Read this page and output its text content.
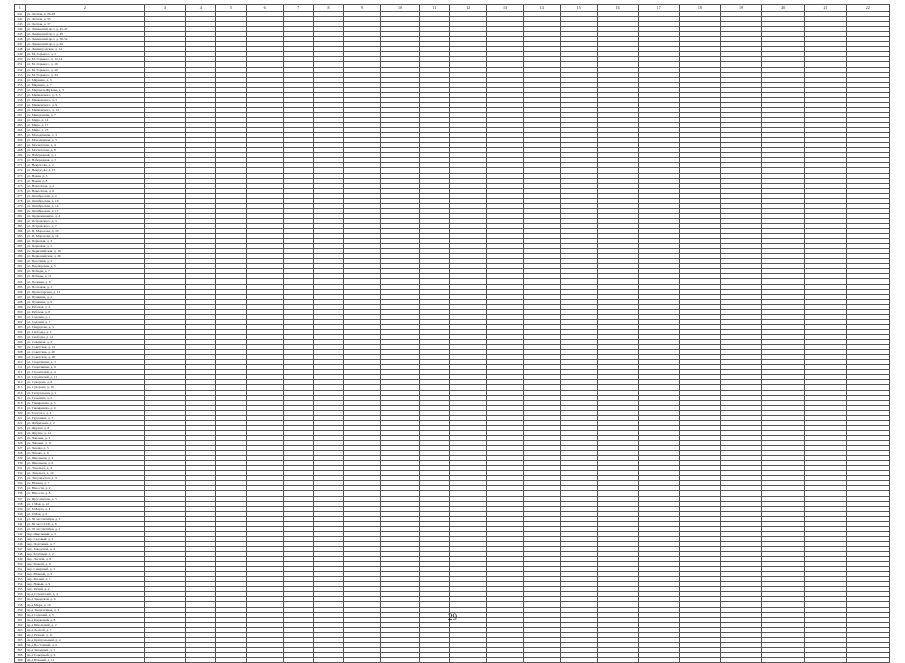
1	2	3	4	5	6	7	8	9	10	11	12	13	14	15	16	17	18	19	20	21	22
241	ул. Лесная, д. 26-28																				
242	ул. Лесная, д. 35																				
243	ул. Лесная, д. 37																				
244	ул. Ленинский пр-т, д. 45-47																				
245	ул. Ленинский пр-т, д. 49																				
246	ул. Ленинский пр-т, д. 50-52																				
247	ул. Ленинский пр-т, д. 64																				
248	ул. Ленинградская, д. 14																				
249	ул. М. Горького, д. 2																				
250	ул. М. Горького, д. 12-14																				
251	ул. М. Горького, д. 16																				
252	ул. М. Горького, д. 20																				
253	ул. М. Горького, д. 34																				
254	ул. Маркина, д. 5																				
255	ул. Маркина, д. 7																				
256	ул. Маршала Жукова, д. 3																				
257	ул. Маяковского, д. 3, 5																				
258	ул. Маяковского, д. 5																				
259	ул. Маяковского, д. 9																				
260	ул. Маяковского, д. 13																				
261	ул. Менделеева, д. 7																				
262	ул. Мира, д. 14																				
263	ул. Мира, д. 17																				
264	ул. Мира, д. 23																				
265	ул. Молодёжная, д. 3																				
266	ул. Молодёжная, д. 5																				
267	ул. Московская, д. 4																				
268	ул. Московская, д. 8																				
269	ул. Набережная, д. 1																				
270	ул. Набережная, д. 5																				
271	ул. Некрасова, д. 2																				
272	ул. Некрасова, д. 15																				
273	ул. Новая, д. 3																				
274	ул. Новая, д. 8																				
275	ул. Новосёлов, д. 4																				
276	ул. Новосёлов, д. 6																				
277	ул. Октябрьская, д. 2																				
278	ул. Октябрьская, д. 10																				
279	ул. Октябрьская, д. 14																				
280	ул. Октябрьская, д. 17																				
281	ул. Орджоникидзе, д. 4																				
282	ул. Островского, д. 3																				
283	ул. Островского, д. 7																				
284	ул. П. Морозова, д. 10																				
285	ул. П. Морозова, д. 12																				
286	ул. Парковая, д. 3																				
287	ул. Парковая, д. 5																				
288	ул. Первомайская, д. 16																				
289	ул. Первомайская, д. 26																				
290	ул. Песочная, д. 2																				
291	ул. Пионерская, д. 5																				
292	ул. Победы, д. 7																				
293	ул. Победы, д. 11																				
294	ул. Полевая, д. 6																				
295	ул. Почтовая, д. 3																				
296	ул. Пролетарская, д. 12																				
297	ул. Пушкина, д. 2																				
298	ул. Пушкина, д. 9																				
299	ул. Рабочая, д. 4																				
300	ул. Рабочая, д. 8																				
301	ул. Садовая, д. 1																				
302	ул. Садовая, д. 7																				
303	ул. Свердлова, д. 3																				
304	ул. Свободы, д. 2																				
305	ул. Свободы, д. 12																				
306	ул. Северная, д. 5																				
307	ул. Советская, д. 14																				
308	ул. Советская, д. 20																				
309	ул. Советская, д. 28																				
310	ул. Спортивная, д. 3																				
311	ул. Спортивная, д. 9																				
312	ул. Строителей, д. 4																				
313	ул. Строителей, д. 11																				
314	ул. Суворова, д. 6																				
315	ул. Суворова, д. 10																				
316	ул. Театральная, д. 2																				
317	ул. Тельмана, д. 5																				
318	ул. Тимирязева, д. 3																				
319	ул. Тимирязева, д. 9																				
320	ул. Толстого, д. 4																				
321	ул. Тургенева, д. 7																				
322	ул. Фабричная, д. 2																				
323	ул. Фрунзе, д. 8																				
324	ул. Фрунзе, д. 14																				
325	ул. Чапаева, д. 3																				
326	ул. Чапаева, д. 11																				
327	ул. Чехова, д. 5																				
328	ул. Чехова, д. 9																				
329	ул. Школьная, д. 2																				
330	ул. Школьная, д. 6																				
331	ул. Энгельса, д. 4																				
332	ул. Энгельса, д. 10																				
333	ул. Энтузиастов, д. 3																				
334	ул. Южная, д. 7																				
335	ул. Юности, д. 2																				
336	ул. Юности, д. 8																				
337	ул. Ярославская, д. 5																				
338	ул. 1 Мая, д. 12																				
339	ул. 8 Марта, д. 4																				
340	ул. 9 Мая, д. 6																				
341	ул. 50 лет Октября, д. 3																				
342	ул. 60 лет СССР, д. 8																				
343	ул. 70 лет Октября, д. 2																				
344	пер. Школьный, д. 5																				
345	пер. Садовый, д. 3																				
346	пер. Почтовый, д. 7																				
347	пер. Заводской, д. 4																				
348	пер. Клубный, д. 2																				
349	пер. Лесной, д. 6																				
350	пер. Речной, д. 8																				
351	пер. Северный, д. 3																				
352	пер. Южный, д. 5																				
353	пер. Малый, д. 1																				
354	пер. Новый, д. 9																				
355	пер. Тихий, д. 2																				
356	пр-д Строителей, д. 4																				
357	пр-д Заводской, д. 6																				
358	пр-д Мира, д. 10																				
359	пр-д Энергетиков, д. 3																				
360	пр-д Садовый, д. 5																				
361	пр-д Парковый, д. 8																				
362	пр-д Школьный, д. 2																				
363	пр-д Лесной, д. 7																				
364	пр-д Речной, д. 11																				
365	пр-д Центральный, д. 4																				
366	пр-д Восточный, д. 6																				
367	пр-д Западный, д. 3																				
368	пр-д Северный, д. 9																				
369	пр-д Южный, д. 12																				
29
